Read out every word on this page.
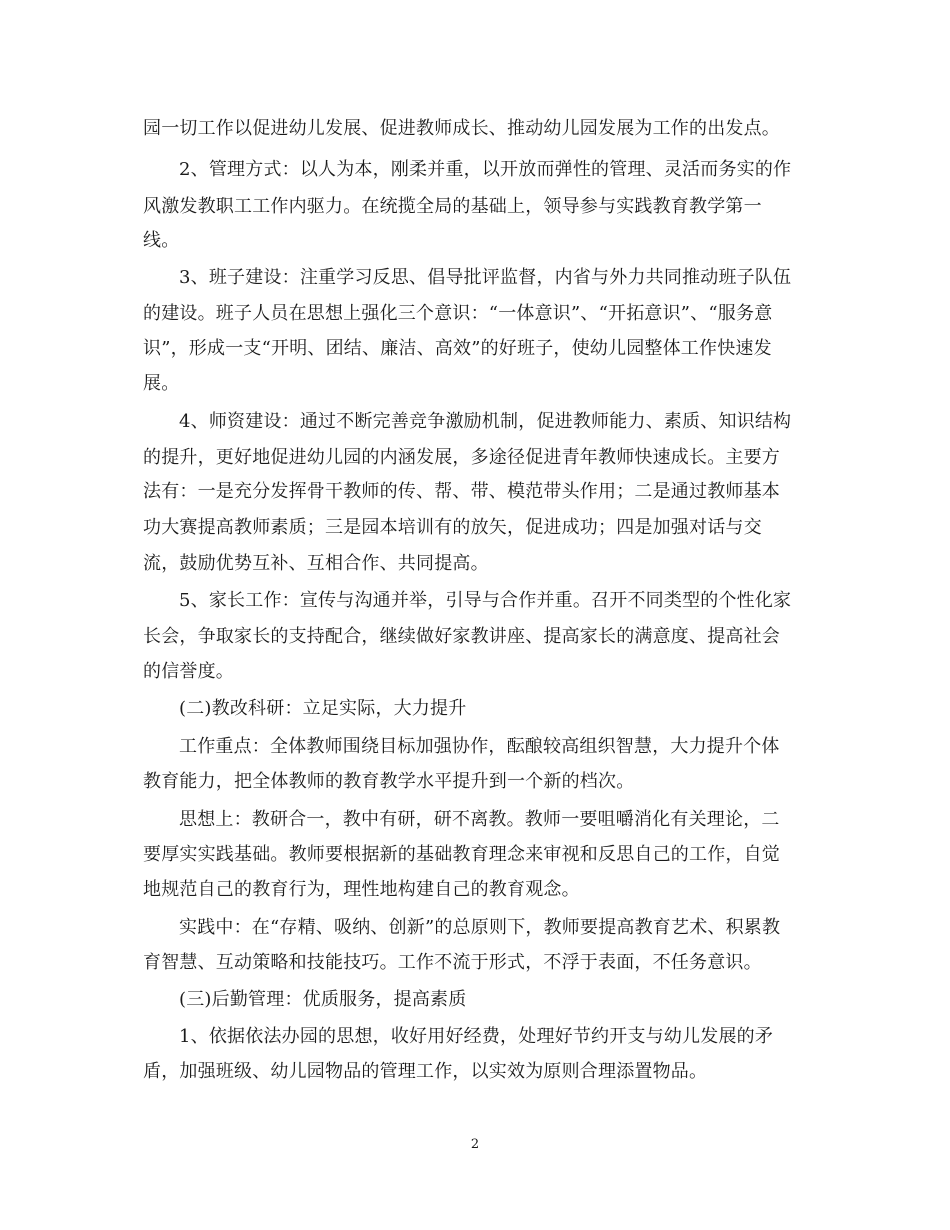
园一切工作以促进幼儿发展、促进教师成长、推动幼儿园发展为工作的出发点。
2、管理方式：以人为本，刚柔并重，以开放而弹性的管理、灵活而务实的作
风激发教职工工作内驱力。在统揽全局的基础上，领导参与实践教育教学第一
线。
3、班子建设：注重学习反思、倡导批评监督，内省与外力共同推动班子队伍
的建设。班子人员在思想上强化三个意识：“一体意识”、“开拓意识”、“服务意
识”，形成一支“开明、团结、廉洁、高效”的好班子，使幼儿园整体工作快速发
展。
4、师资建设：通过不断完善竞争激励机制，促进教师能力、素质、知识结构
的提升，更好地促进幼儿园的内涵发展，多途径促进青年教师快速成长。主要方
法有：一是充分发挥骨干教师的传、帮、带、模范带头作用；二是通过教师基本
功大赛提高教师素质；三是园本培训有的放矢，促进成功；四是加强对话与交
流，鼓励优势互补、互相合作、共同提高。
5、家长工作：宣传与沟通并举，引导与合作并重。召开不同类型的个性化家
长会，争取家长的支持配合，继续做好家教讲座、提高家长的满意度、提高社会
的信誉度。
(二)教改科研：立足实际，大力提升
工作重点：全体教师围绕目标加强协作，酝酿较高组织智慧，大力提升个体
教育能力，把全体教师的教育教学水平提升到一个新的档次。
思想上：教研合一，教中有研，研不离教。教师一要咀嚼消化有关理论，二
要厚实实践基础。教师要根据新的基础教育理念来审视和反思自己的工作，自觉
地规范自己的教育行为，理性地构建自己的教育观念。
实践中：在“存精、吸纳、创新”的总原则下，教师要提高教育艺术、积累教
育智慧、互动策略和技能技巧。工作不流于形式，不浮于表面，不任务意识。
(三)后勤管理：优质服务，提高素质
1、依据依法办园的思想，收好用好经费，处理好节约开支与幼儿发展的矛
盾，加强班级、幼儿园物品的管理工作，以实效为原则合理添置物品。
2
